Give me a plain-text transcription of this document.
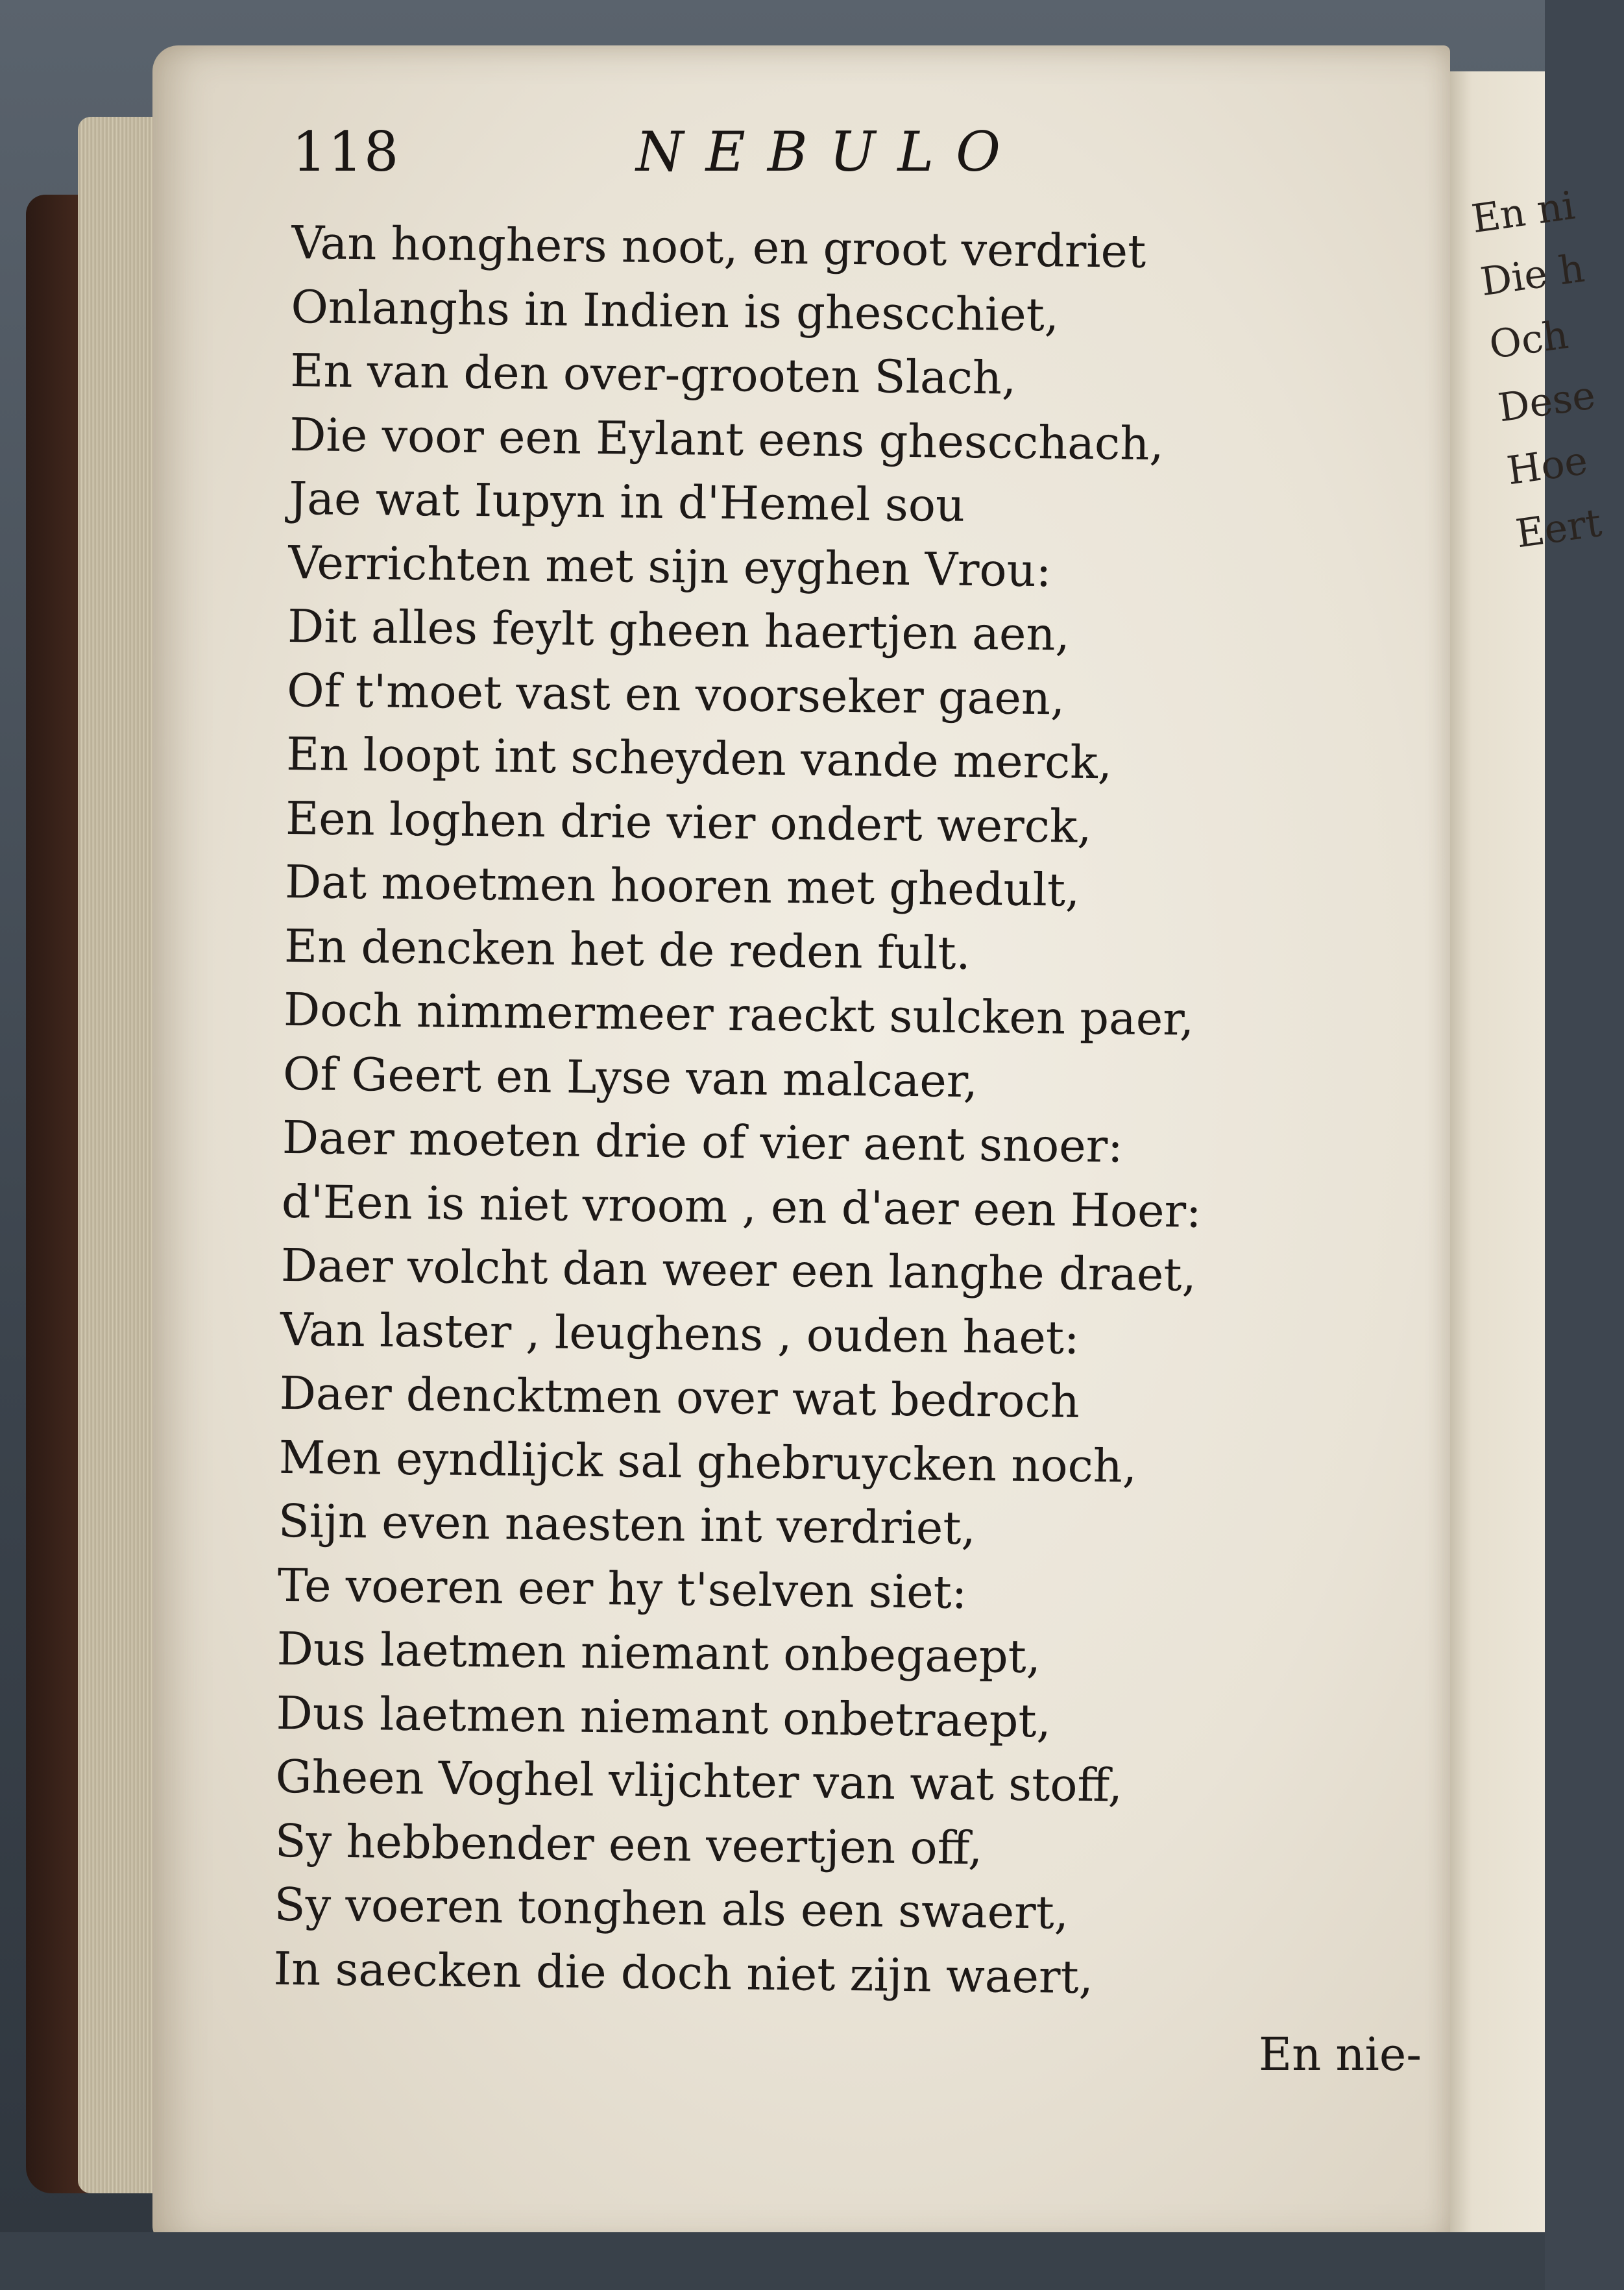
En ni
Die h
Och
Dese
Hoe
Eert
118	NEBULO
Van honghers noot, en groot verdriet
Onlanghs in Indien is ghescchiet,
En van den over-grooten Slach,
Die voor een Eylant eens ghescchach,
Jae wat Iupyn in d'Hemel sou
Verrichten met sijn eyghen Vrou:
Dit alles feylt gheen haertjen aen,
Of t'moet vast en voorseker gaen,
En loopt int scheyden vande merck,
Een loghen drie vier ondert werck,
Dat moetmen hooren met ghedult,
En dencken het de reden fult.
Doch nimmermeer raeckt sulcken paer,
Of Geert en Lyse van malcaer,
Daer moeten drie of vier aent snoer:
d'Een is niet vroom , en d'aer een Hoer:
Daer volcht dan weer een langhe draet,
Van laster , leughens , ouden haet:
Daer dencktmen over wat bedroch
Men eyndlijck sal ghebruycken noch,
Sijn even naesten int verdriet,
Te voeren eer hy t'selven siet:
Dus laetmen niemant onbegaept,
Dus laetmen niemant onbetraept,
Gheen Voghel vlijchter van wat stoff,
Sy hebbender een veertjen off,
Sy voeren tonghen als een swaert,
In saecken die doch niet zijn waert,
En nie-
